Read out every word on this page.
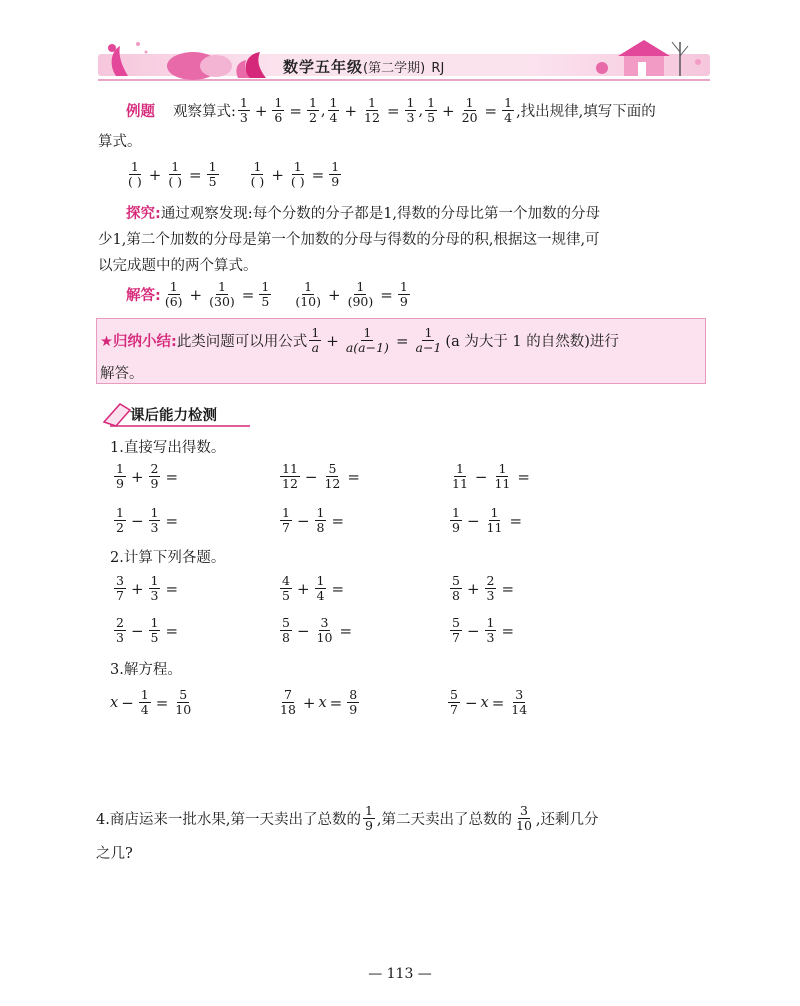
数学五年级(第二学期) RJ
例题 观察算式: $\frac{1}{3} + \frac{1}{6} = \frac{1}{2}$ , $\frac{1}{4} + \frac{1}{12} = \frac{1}{3}$ , $\frac{1}{5} + \frac{1}{20} = \frac{1}{4}$ ,找出规律,填写下面的
算式。
$\frac{1}{( )} + \frac{1}{( )} = \frac{1}{5} \frac{1}{( )} + \frac{1}{( )} = \frac{1}{9}$
探究: 通过观察发现:每个分数的分子都是1,得数的分母比第一个加数的分母
少1,第二个加数的分母是第一个加数的分母与得数的分母的积,根据这一规律,可
以完成题中的两个算式。
解答: $\frac{1}{(6)} + \frac{1}{(30)} = \frac{1}{5} \frac{1}{(10)} + \frac{1}{(90)} = \frac{1}{9}$
★归纳小结: 此类问题可以用公式 $\frac{1}{a} + \frac{1}{a(a-1)} = \frac{1}{a-1} (a$ 为大于 1 的自然数)进行
解答。
课后能力检测
1.直接写出得数。
$\frac{1}{9} + \frac{2}{9}$ =	$\frac{11}{12} - \frac{5}{12}$ =	$\frac{1}{11} - \frac{1}{11}$ =
$\frac{1}{2} - \frac{1}{3}$ =	$\frac{1}{7} - \frac{1}{8}$ =	$\frac{1}{9} - \frac{1}{11}$ =
2.计算下列各题。
$\frac{3}{7} + \frac{1}{3}$ =	$\frac{4}{5} + \frac{1}{4}$ =	$\frac{5}{8} + \frac{2}{3}$ =
$\frac{2}{3} - \frac{1}{5}$ =	$\frac{5}{8} - \frac{3}{10}$ =	$\frac{5}{7} - \frac{1}{3}$ =
3.解方程。
$x - \frac{1}{4} = \frac{5}{10}$	$\frac{7}{18} + x = \frac{8}{9}$	$\frac{5}{7} - x = \frac{3}{14}$
4.商店运来一批水果,第一天卖出了总数的 $\frac{1}{9}$ ,第二天卖出了总数的 $\frac{3}{10}$ ,还剩几分
之几?
— 113 —
